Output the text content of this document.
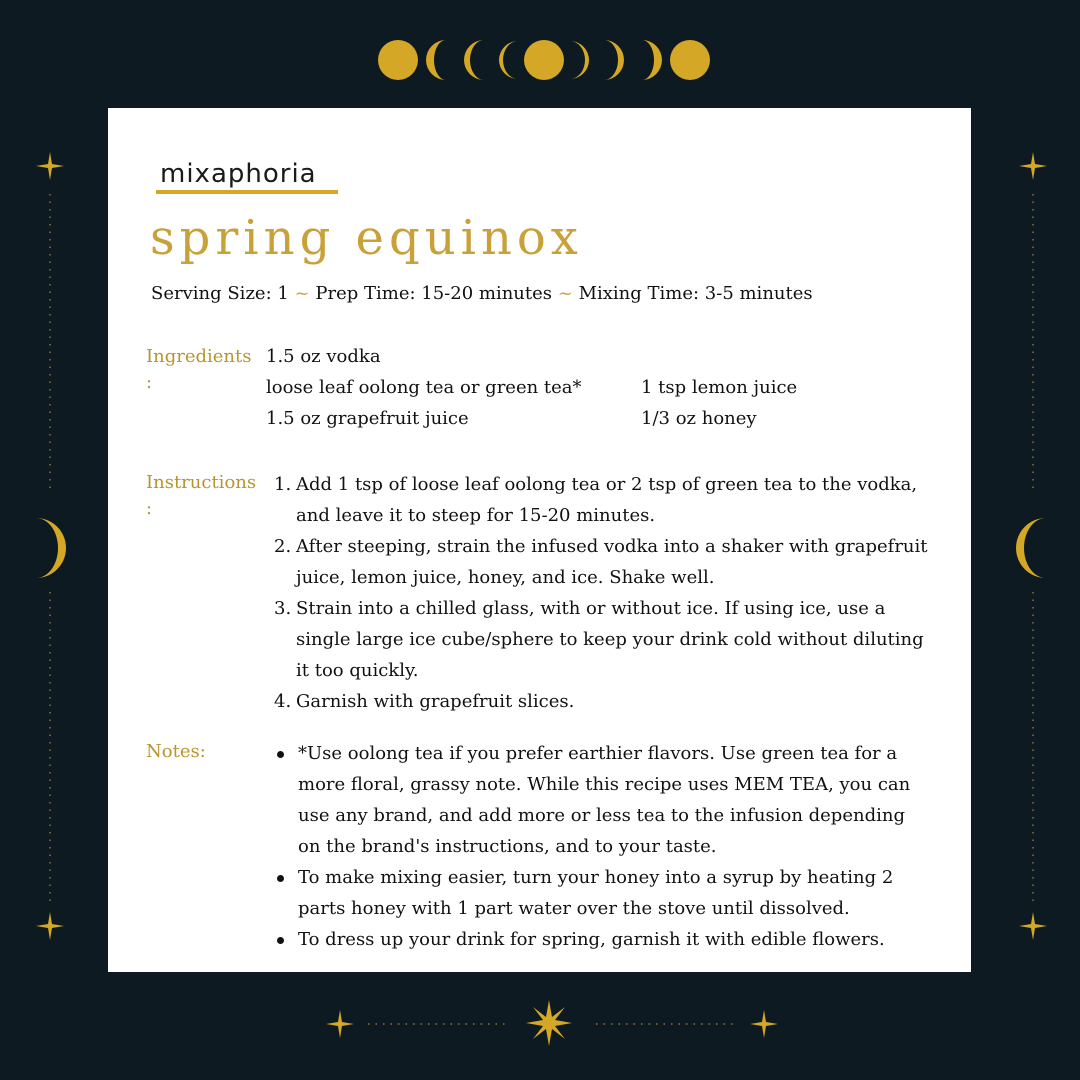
mixaphoria
spring equinox
Serving Size: 1 ~ Prep Time: 15-20 minutes ~ Mixing Time: 3-5 minutes
Ingredients
:
1.5 oz vodka
loose leaf oolong tea or green tea*
1.5 oz grapefruit juice
1 tsp lemon juice
1/3 oz honey
Instructions
:
1. Add 1 tsp of loose leaf oolong tea or 2 tsp of green tea to the vodka, and leave it to steep for 15-20 minutes.
2. After steeping, strain the infused vodka into a shaker with grapefruit juice, lemon juice, honey, and ice. Shake well.
3. Strain into a chilled glass, with or without ice. If using ice, use a single large ice cube/sphere to keep your drink cold without diluting it too quickly.
4. Garnish with grapefruit slices.
Notes:	*Use oolong tea if you prefer earthier flavors. Use green tea for a more floral, grassy note. While this recipe uses MEM TEA, you can use any brand, and add more or less tea to the infusion depending on the brand's instructions, and to your taste.
To make mixing easier, turn your honey into a syrup by heating 2 parts honey with 1 part water over the stove until dissolved.
To dress up your drink for spring, garnish it with edible flowers.
